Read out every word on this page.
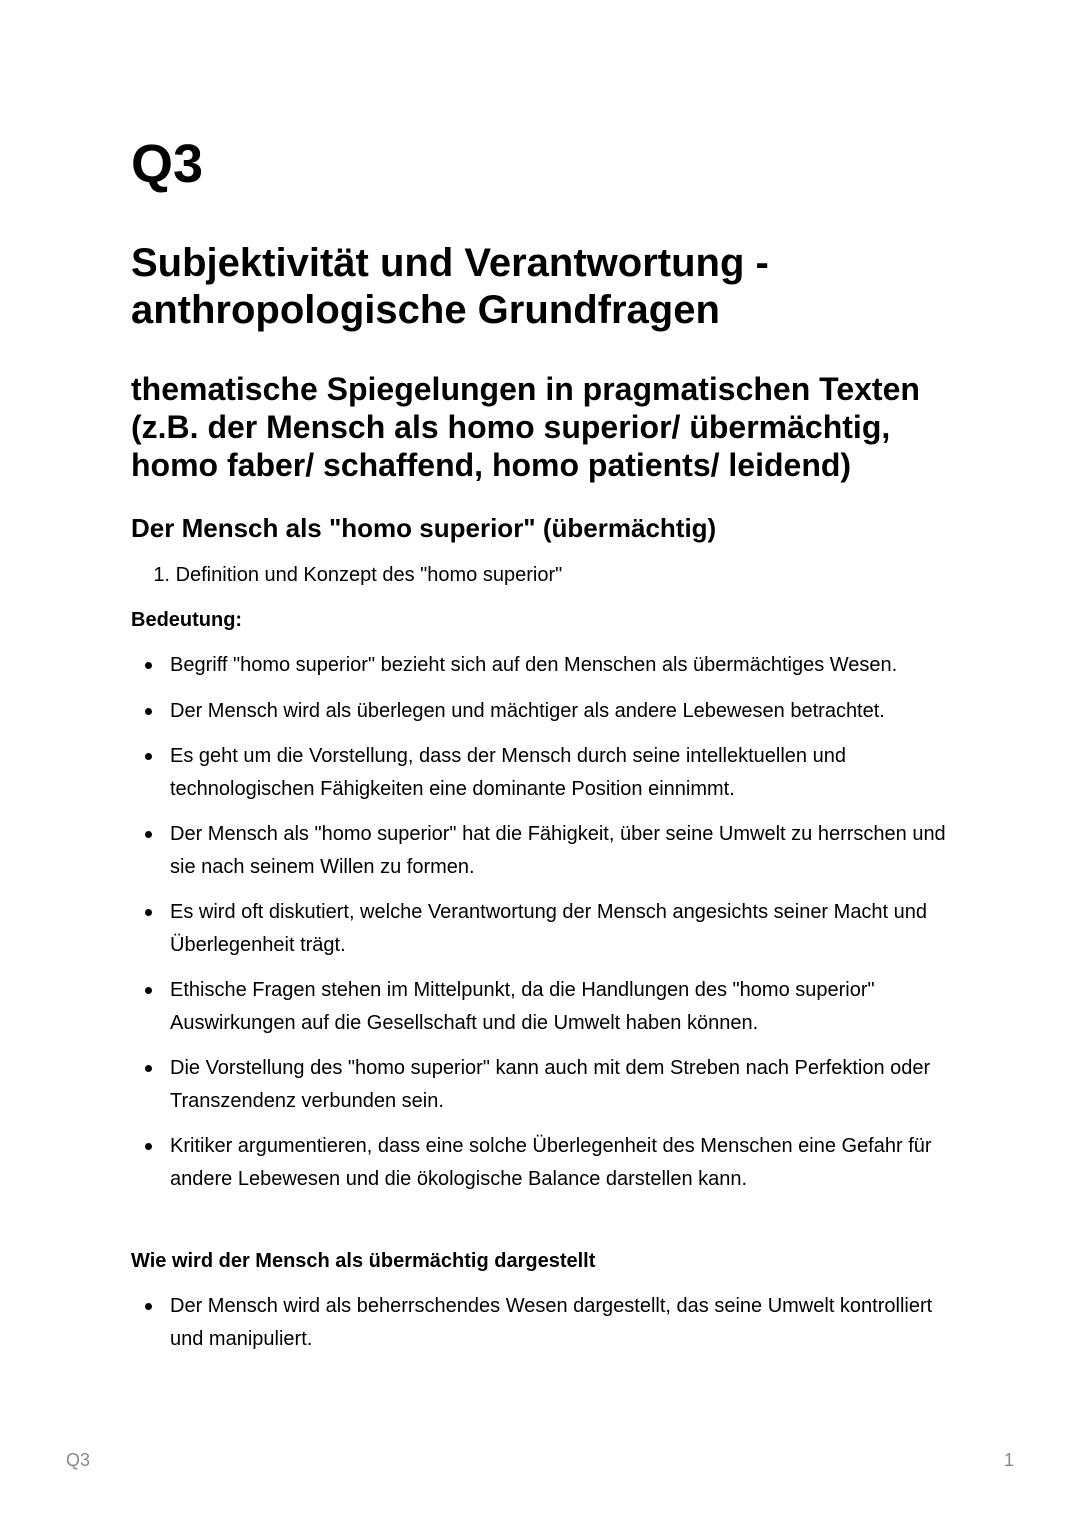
Q3
Subjektivität und Verantwortung - anthropologische Grundfragen
thematische Spiegelungen in pragmatischen Texten (z.B. der Mensch als homo superior/ übermächtig, homo faber/ schaffend, homo patients/ leidend)
Der Mensch als "homo superior" (übermächtig)
1. Definition und Konzept des "homo superior"

Bedeutung:

Begriff "homo superior" bezieht sich auf den Menschen als übermächtiges Wesen.
Der Mensch wird als überlegen und mächtiger als andere Lebewesen betrachtet.
Es geht um die Vorstellung, dass der Mensch durch seine intellektuellen und technologischen Fähigkeiten eine dominante Position einnimmt.
Der Mensch als "homo superior" hat die Fähigkeit, über seine Umwelt zu herrschen und sie nach seinem Willen zu formen.
Es wird oft diskutiert, welche Verantwortung der Mensch angesichts seiner Macht und Überlegenheit trägt.
Ethische Fragen stehen im Mittelpunkt, da die Handlungen des "homo superior" Auswirkungen auf die Gesellschaft und die Umwelt haben können.
Die Vorstellung des "homo superior" kann auch mit dem Streben nach Perfektion oder Transzendenz verbunden sein.
Kritiker argumentieren, dass eine solche Überlegenheit des Menschen eine Gefahr für andere Lebewesen und die ökologische Balance darstellen kann.

Wie wird der Mensch als übermächtig dargestellt

Der Mensch wird als beherrschendes Wesen dargestellt, das seine Umwelt kontrolliert und manipuliert.
Q3	1
